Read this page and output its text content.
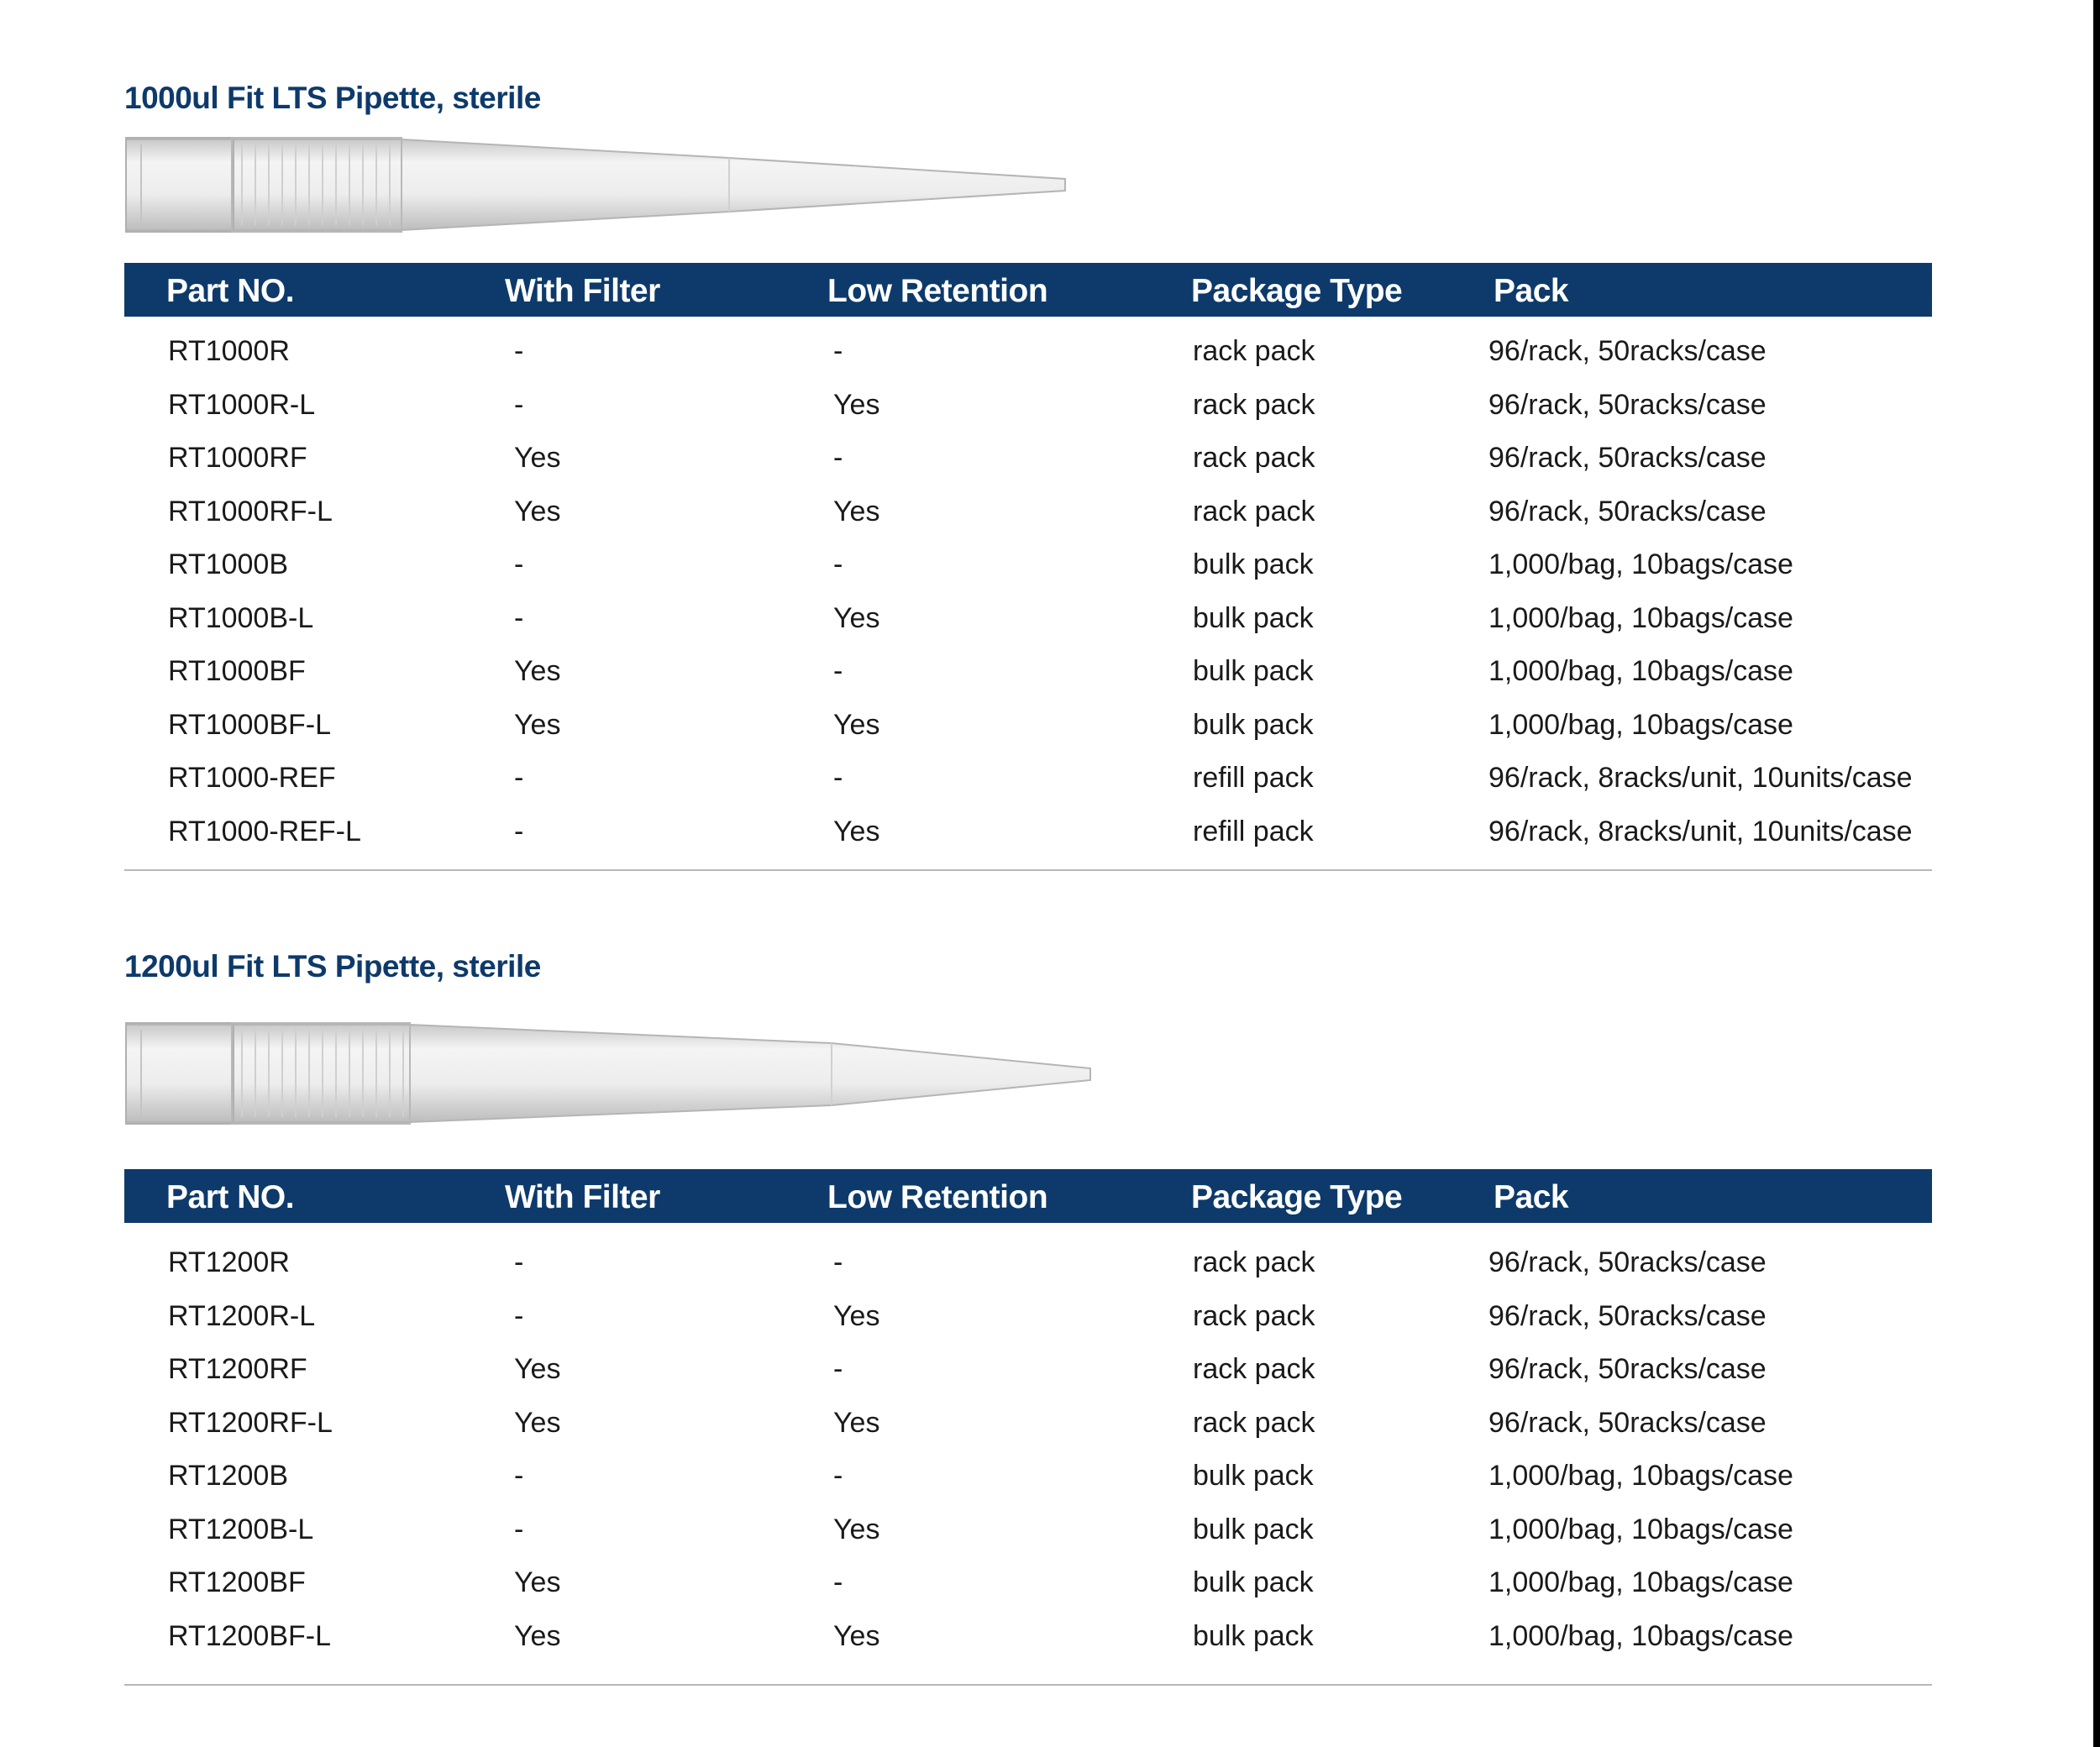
1000ul Fit LTS Pipette, sterile
Part NO.	With Filter	Low Retention	Package Type	Pack
RT1000R	-	-	rack pack	96/rack, 50racks/case
RT1000R-L	-	Yes	rack pack	96/rack, 50racks/case
RT1000RF	Yes	-	rack pack	96/rack, 50racks/case
RT1000RF-L	Yes	Yes	rack pack	96/rack, 50racks/case
RT1000B	-	-	bulk pack	1,000/bag, 10bags/case
RT1000B-L	-	Yes	bulk pack	1,000/bag, 10bags/case
RT1000BF	Yes	-	bulk pack	1,000/bag, 10bags/case
RT1000BF-L	Yes	Yes	bulk pack	1,000/bag, 10bags/case
RT1000-REF	-	-	refill pack	96/rack, 8racks/unit, 10units/case
RT1000-REF-L	-	Yes	refill pack	96/rack, 8racks/unit, 10units/case
1200ul Fit LTS Pipette, sterile
Part NO.	With Filter	Low Retention	Package Type	Pack
RT1200R	-	-	rack pack	96/rack, 50racks/case
RT1200R-L	-	Yes	rack pack	96/rack, 50racks/case
RT1200RF	Yes	-	rack pack	96/rack, 50racks/case
RT1200RF-L	Yes	Yes	rack pack	96/rack, 50racks/case
RT1200B	-	-	bulk pack	1,000/bag, 10bags/case
RT1200B-L	-	Yes	bulk pack	1,000/bag, 10bags/case
RT1200BF	Yes	-	bulk pack	1,000/bag, 10bags/case
RT1200BF-L	Yes	Yes	bulk pack	1,000/bag, 10bags/case
